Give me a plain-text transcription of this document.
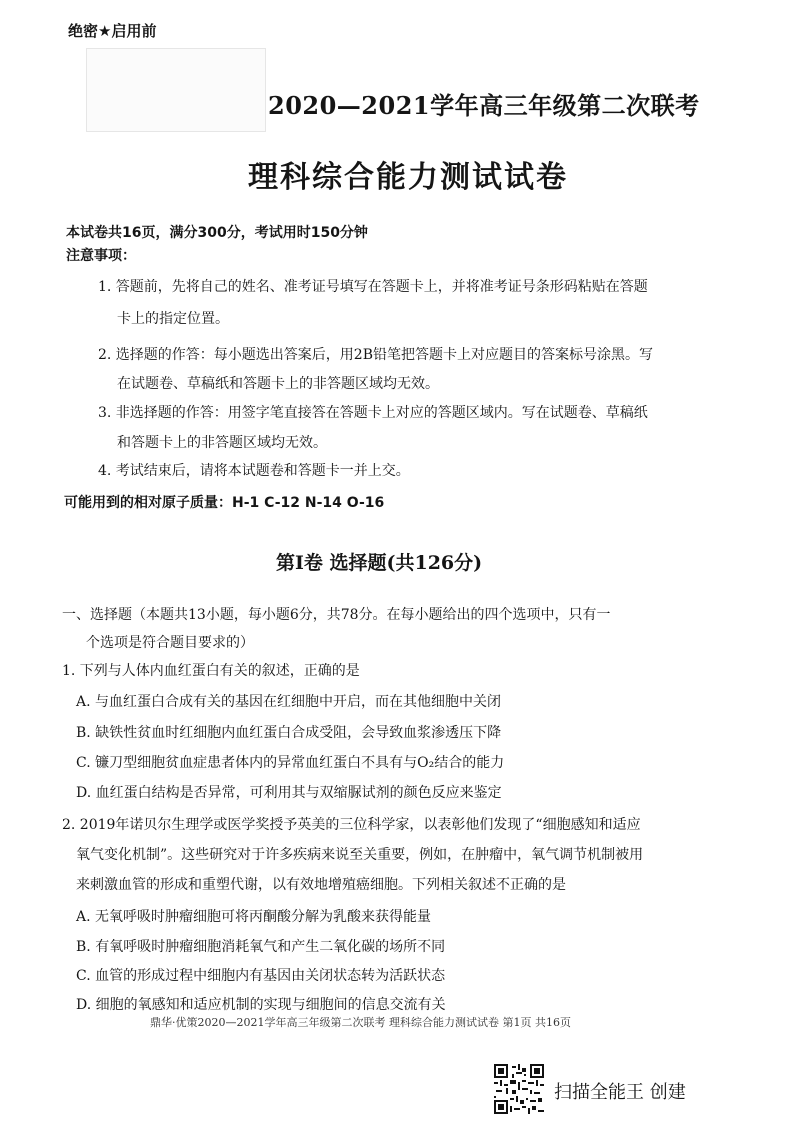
绝密★启用前
2020—2021学年高三年级第二次联考
理科综合能力测试试卷
本试卷共16页，满分300分，考试用时150分钟
注意事项：
1. 答题前，先将自己的姓名、准考证号填写在答题卡上，并将准考证号条形码粘贴在答题
卡上的指定位置。
2. 选择题的作答：每小题选出答案后，用2B铅笔把答题卡上对应题目的答案标号涂黑。写
在试题卷、草稿纸和答题卡上的非答题区域均无效。
3. 非选择题的作答：用签字笔直接答在答题卡上对应的答题区域内。写在试题卷、草稿纸
和答题卡上的非答题区域均无效。
4. 考试结束后，请将本试题卷和答题卡一并上交。
可能用到的相对原子质量：H-1 C-12 N-14 O-16
第Ⅰ卷 选择题(共126分)
一、选择题（本题共13小题，每小题6分，共78分。在每小题给出的四个选项中，只有一
个选项是符合题目要求的）
1. 下列与人体内血红蛋白有关的叙述，正确的是
A. 与血红蛋白合成有关的基因在红细胞中开启，而在其他细胞中关闭
B. 缺铁性贫血时红细胞内血红蛋白合成受阻，会导致血浆渗透压下降
C. 镰刀型细胞贫血症患者体内的异常血红蛋白不具有与O₂结合的能力
D. 血红蛋白结构是否异常，可利用其与双缩脲试剂的颜色反应来鉴定
2. 2019年诺贝尔生理学或医学奖授予英美的三位科学家，以表彰他们发现了“细胞感知和适应
氧气变化机制”。这些研究对于许多疾病来说至关重要，例如，在肿瘤中，氧气调节机制被用
来刺激血管的形成和重塑代谢，以有效地增殖癌细胞。下列相关叙述不正确的是
A. 无氧呼吸时肿瘤细胞可将丙酮酸分解为乳酸来获得能量
B. 有氧呼吸时肿瘤细胞消耗氧气和产生二氧化碳的场所不同
C. 血管的形成过程中细胞内有基因由关闭状态转为活跃状态
D. 细胞的氧感知和适应机制的实现与细胞间的信息交流有关
鼎华·优策2020—2021学年高三年级第二次联考 理科综合能力测试试卷 第1页 共16页
扫描全能王 创建
